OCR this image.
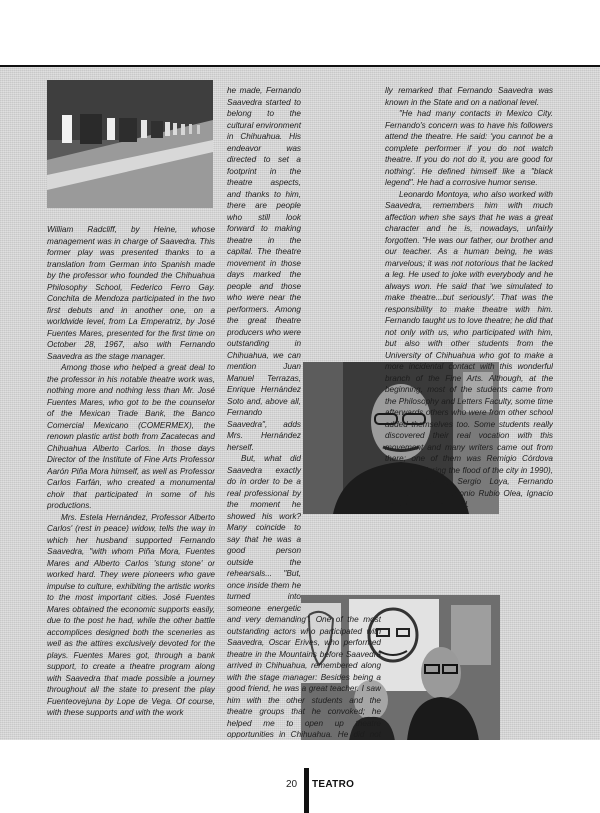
William Radcliff, by Heine, whose management was in charge of Saavedra. This former play was presented thanks to a translation from German into Spanish made by the professor who founded the Chihuahua Philosophy School, Federico Ferro Gay. Conchita de Mendoza participated in the two first debuts and in another one, on a worldwide level, from La Emperatriz, by José Fuentes Mares, presented for the first time on October 28, 1967, also with Fernando Saavedra as the stage manager.

Among those who helped a great deal to the professor in his notable theatre work was, nothing more and nothing less than Mr. José Fuentes Mares, who got to be the counselor of the Mexican Trade Bank, the Banco Comercial Mexicano (COMERMEX), the renown plastic artist both from Zacatecas and Chihuahua Alberto Carlos. In those days Director of the Institute of Fine Arts Professor Aarón Piña Mora himself, as well as Professor Carlos Farfán, who created a monumental choir that participated in some of his productions.

Mrs. Estela Hernández, Professor Alberto Carlos' (rest in peace) widow, tells the way in which her husband supported Fernando Saavedra, "with whom Piña Mora, Fuentes Mares and Alberto Carlos 'stung stone' or worked hard. They were pioneers who gave impulse to culture, exhibiting the artistic works to the most important cities. José Fuentes Mares obtained the economic supports easily, due to the post he had, while the other battle accomplices designed both the sceneries as well as the attires exclusively devoted for the plays. Fuentes Mares got, through a bank support, to create a theatre program along with Saavedra that made possible a journey throughout all the state to present the play Fuenteovejuna by Lope de Vega. Of course, with these supports and with the work

he made, Fernando Saavedra started to belong to the cultural environment in Chihuahua. His endeavor was directed to set a footprint in the theatre aspects, and thanks to him, there are people who still look forward to making theatre in the capital. The theatre movement in those days marked the people and those who were near the performers. Among the great theatre producers who were outstanding in Chihuahua, we can mention Juan Manuel Terrazas, Enrique Hernández Soto and, above all, Fernando Saavedra", adds Mrs. Hernández herself.

But, what did Saavedra exactly do in order to be a real professional by the moment he showed his work? Many coincide to say that he was a good person outside the rehearsals... "But, once inside them he turned into someone energetic and very demanding". One of the most outstanding actors who participated with Saavedra, Oscar Erives, who performed theatre in the Mountains before Saavedra arrived in Chihuahua, remembered along with the stage manager: Besides being a good friend, he was a great teacher. I saw him with the other students and the theatre groups that he convoked; he helped me to open up theatre opportunities in Chihuahua. He did not

lly remarked that Fernando Saavedra was known in the State and on a national level.

"He had many contacts in Mexico City. Fernando's concern was to have his followers attend the theatre. He said: 'you cannot be a complete performer if you do not watch theatre. If you do not do it, you are good for nothing'. He defined himself like a "black legend". He had a corrosive humor sense.

Leonardo Montoya, who also worked with Saavedra, remembers him with much affection when she says that he was a great character and he is, nowadays, unfairly forgotten. "He was our father, our brother and our teacher. As a human being, he was marvelous; it was not notorious that he lacked a leg. He used to joke with everybody and he always won. He said that 'we simulated to make theatre...but seriously'. That was the responsibility to make theatre with him. Fernando taught us to love theatre; he did that not only with us, who participated with him, but also with other students from the University of Chihuahua who got to make a more incidental contact with this wonderful branch of the Fine Arts. Although, at the beginning, most of the students came from the Philosophy and Letters Faculty, some time afterwards others who were from other school added themselves too. Some students really discovered their real vocation with this movement and many writers came out from there; one of them was Remigio Córdova (who died during the flood of the city in 1990), Antonio Noyola, Sergio Loya, Fernando Chávez Amaya, Antonio Rubio Olea, Ignacio Santos and Luis Naval.

20 TEATRO
